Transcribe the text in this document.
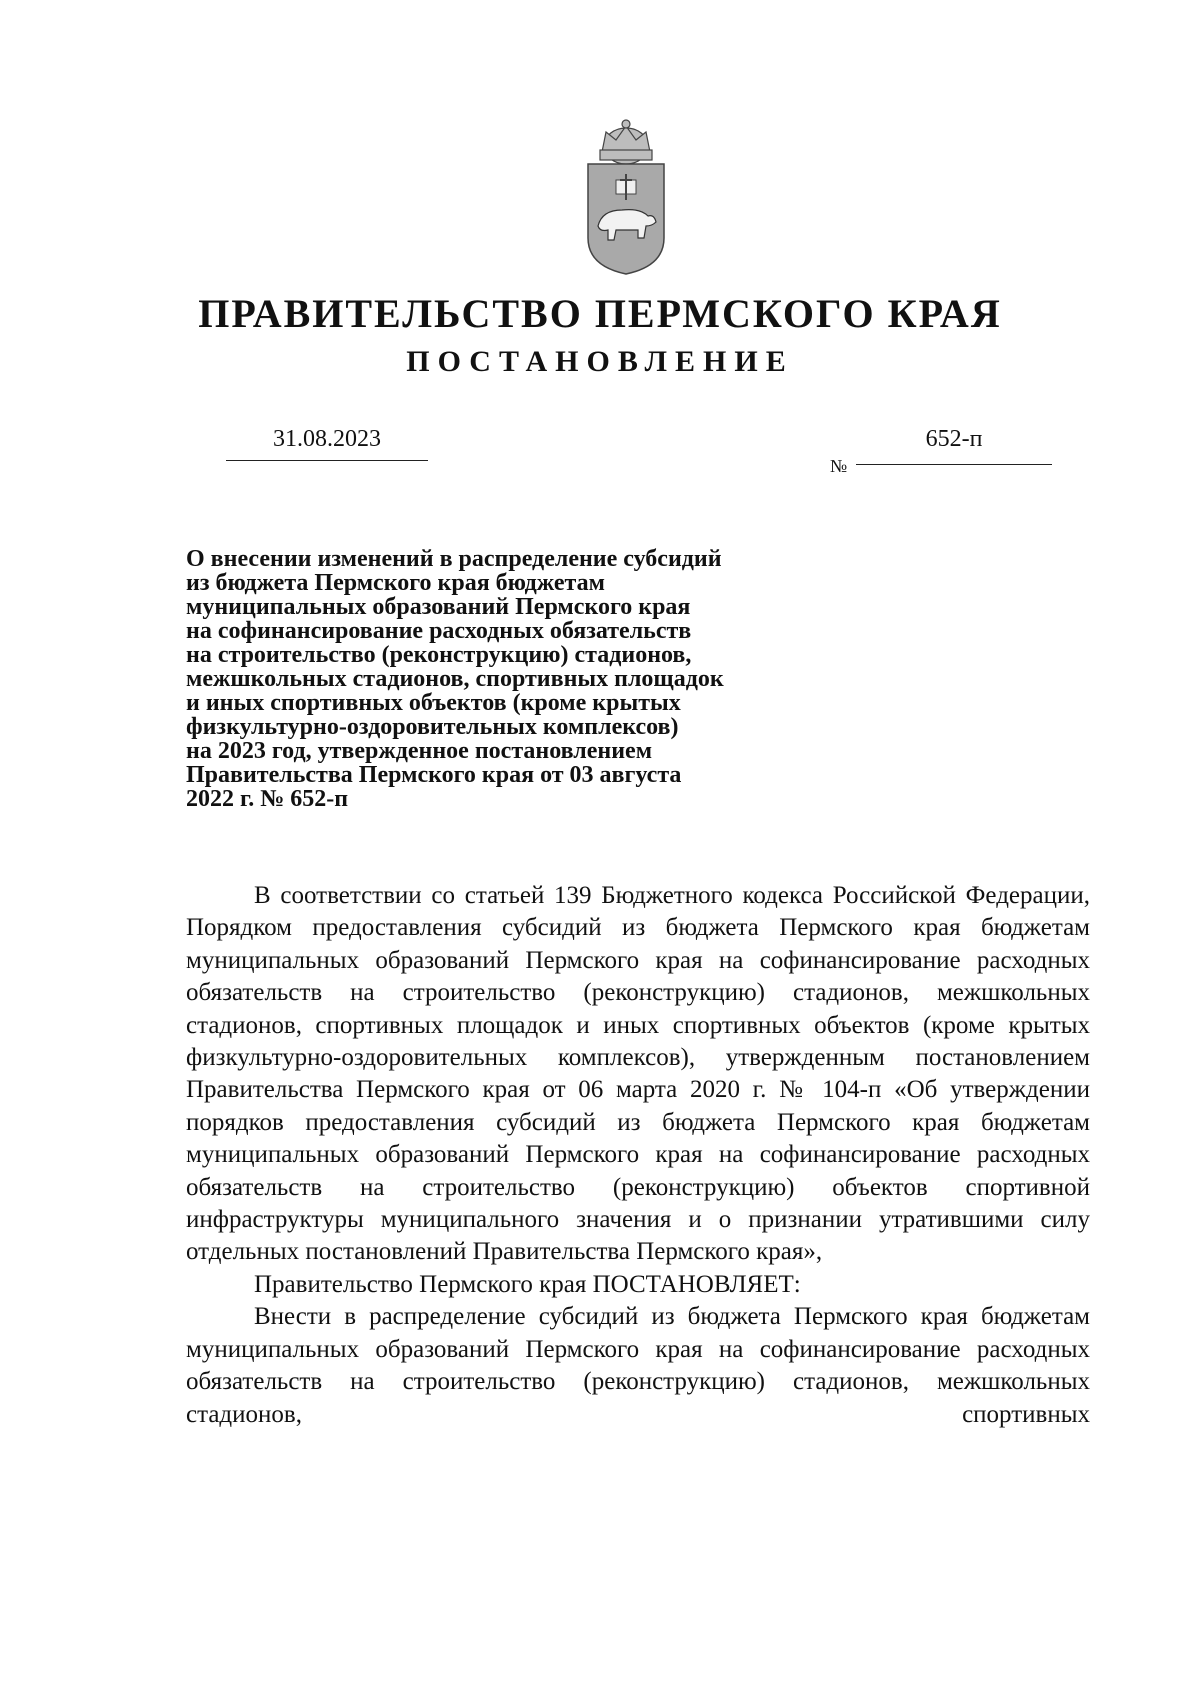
ПРАВИТЕЛЬСТВО ПЕРМСКОГО КРАЯ
ПОСТАНОВЛЕНИЕ
31.08.2023
№
652-п
О внесении изменений в распределение субсидий
из бюджета Пермского края бюджетам
муниципальных образований Пермского края
на софинансирование расходных обязательств
на строительство (реконструкцию) стадионов,
межшкольных стадионов, спортивных площадок
и иных спортивных объектов (кроме крытых
физкультурно-оздоровительных комплексов)
на 2023 год, утвержденное постановлением
Правительства Пермского края от 03 августа
2022 г. № 652-п

В соответствии со статьей 139 Бюджетного кодекса Российской Федерации, Порядком предоставления субсидий из бюджета Пермского края бюджетам муниципальных образований Пермского края на софинансирование расходных обязательств на строительство (реконструкцию) стадионов, межшкольных стадионов, спортивных площадок и иных спортивных объектов (кроме крытых физкультурно-оздоровительных комплексов), утвержденным постановлением Правительства Пермского края от 06 марта 2020 г. № 104-п «Об утверждении порядков предоставления субсидий из бюджета Пермского края бюджетам муниципальных образований Пермского края на софинансирование расходных обязательств на строительство (реконструкцию) объектов спортивной инфраструктуры муниципального значения и о признании утратившими силу отдельных постановлений Правительства Пермского края»,

Правительство Пермского края ПОСТАНОВЛЯЕТ:

Внести в распределение субсидий из бюджета Пермского края бюджетам муниципальных образований Пермского края на софинансирование расходных обязательств на строительство (реконструкцию) стадионов, межшкольных стадионов, спортивных
